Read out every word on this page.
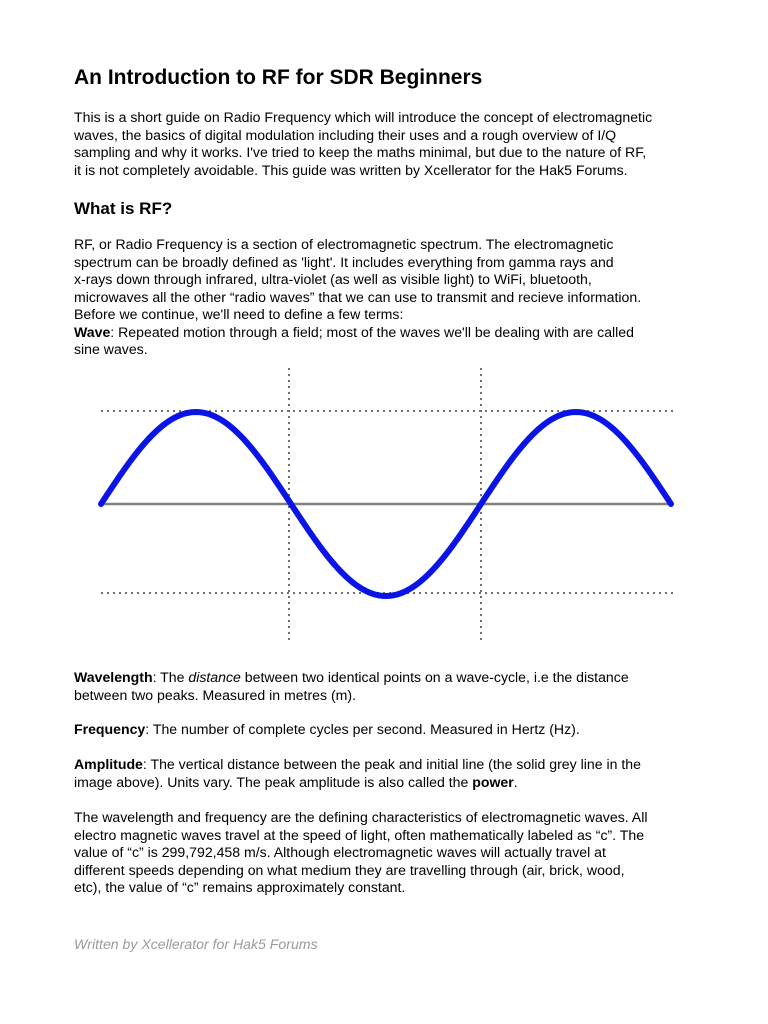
An Introduction to RF for SDR Beginners

This is a short guide on Radio Frequency which will introduce the concept of electromagnetic
waves, the basics of digital modulation including their uses and a rough overview of I/Q
sampling and why it works. I've tried to keep the maths minimal, but due to the nature of RF,
it is not completely avoidable. This guide was written by Xcellerator for the Hak5 Forums.

What is RF?

RF, or Radio Frequency is a section of electromagnetic spectrum. The electromagnetic
spectrum can be broadly defined as 'light'. It includes everything from gamma rays and
x-rays down through infrared, ultra-violet (as well as visible light) to WiFi, bluetooth,
microwaves all the other “radio waves” that we can use to transmit and recieve information.
Before we continue, we'll need to define a few terms:
Wave: Repeated motion through a field; most of the waves we'll be dealing with are called
sine waves.

Wavelength: The distance between two identical points on a wave-cycle, i.e the distance
between two peaks. Measured in metres (m).

Frequency: The number of complete cycles per second. Measured in Hertz (Hz).

Amplitude: The vertical distance between the peak and initial line (the solid grey line in the
image above). Units vary. The peak amplitude is also called the power.

The wavelength and frequency are the defining characteristics of electromagnetic waves. All
electro magnetic waves travel at the speed of light, often mathematically labeled as “c”. The
value of “c” is 299,792,458 m/s. Although electromagnetic waves will actually travel at
different speeds depending on what medium they are travelling through (air, brick, wood,
etc), the value of “c” remains approximately constant.

Written by Xcellerator for Hak5 Forums
